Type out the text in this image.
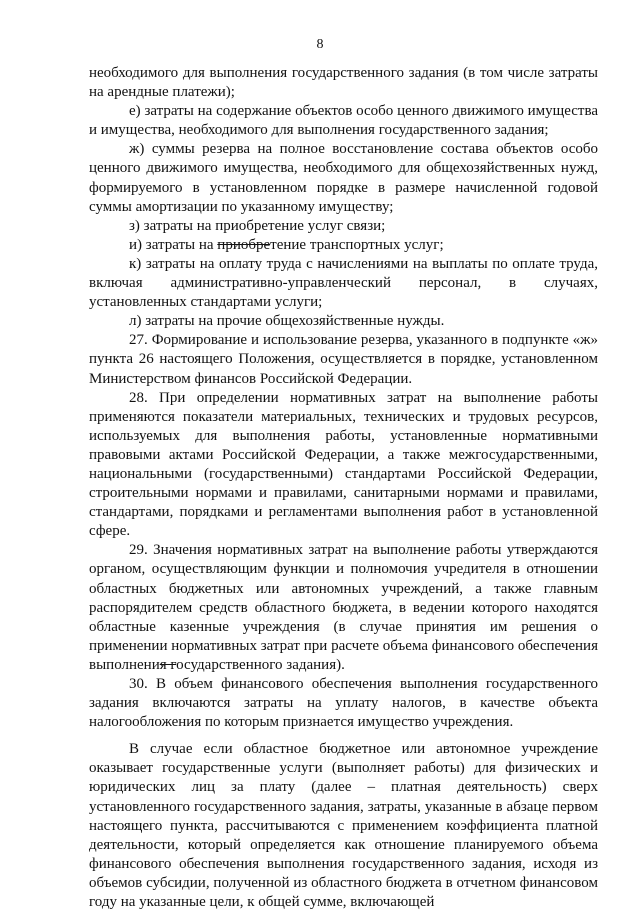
8

необходимого для выполнения государственного задания (в том числе затраты на арендные платежи);

е) затраты на содержание объектов особо ценного движимого имущества и имущества, необходимого для выполнения государственного задания;

ж) суммы резерва на полное восстановление состава объектов особо ценного движимого имущества, необходимого для общехозяйственных нужд, формируемого в установленном порядке в размере начисленной годовой суммы амортизации по указанному имуществу;

з) затраты на приобретение услуг связи;

и) затраты на приобретение транспортных услуг;

к) затраты на оплату труда с начислениями на выплаты по оплате труда, включая административно-управленческий персонал, в случаях, установленных стандартами услуги;

л) затраты на прочие общехозяйственные нужды.

27. Формирование и использование резерва, указанного в подпункте «ж» пункта 26 настоящего Положения, осуществляется в порядке, установленном Министерством финансов Российской Федерации.

28. При определении нормативных затрат на выполнение работы применяются показатели материальных, технических и трудовых ресурсов, используемых для выполнения работы, установленные нормативными правовыми актами Российской Федерации, а также межгосударственными, национальными (государственными) стандартами Российской Федерации, строительными нормами и правилами, санитарными нормами и правилами, стандартами, порядками и регламентами выполнения работ в установленной сфере.

29. Значения нормативных затрат на выполнение работы утверждаются органом, осуществляющим функции и полномочия учредителя в отношении областных бюджетных или автономных учреждений, а также главным распорядителем средств областного бюджета, в ведении которого находятся областные казенные учреждения (в случае принятия им решения о применении нормативных затрат при расчете объема финансового обеспечения выполнения государственного задания).

30. В объем финансового обеспечения выполнения государственного задания включаются затраты на уплату налогов, в качестве объекта налогообложения по которым признается имущество учреждения.

В случае если областное бюджетное или автономное учреждение оказывает государственные услуги (выполняет работы) для физических и юридических лиц за плату (далее – платная деятельность) сверх установленного государственного задания, затраты, указанные в абзаце первом настоящего пункта, рассчитываются с применением коэффициента платной деятельности, который определяется как отношение планируемого объема финансового обеспечения выполнения государственного задания, исходя из объемов субсидии, полученной из областного бюджета в отчетном финансовом году на указанные цели, к общей сумме, включающей
